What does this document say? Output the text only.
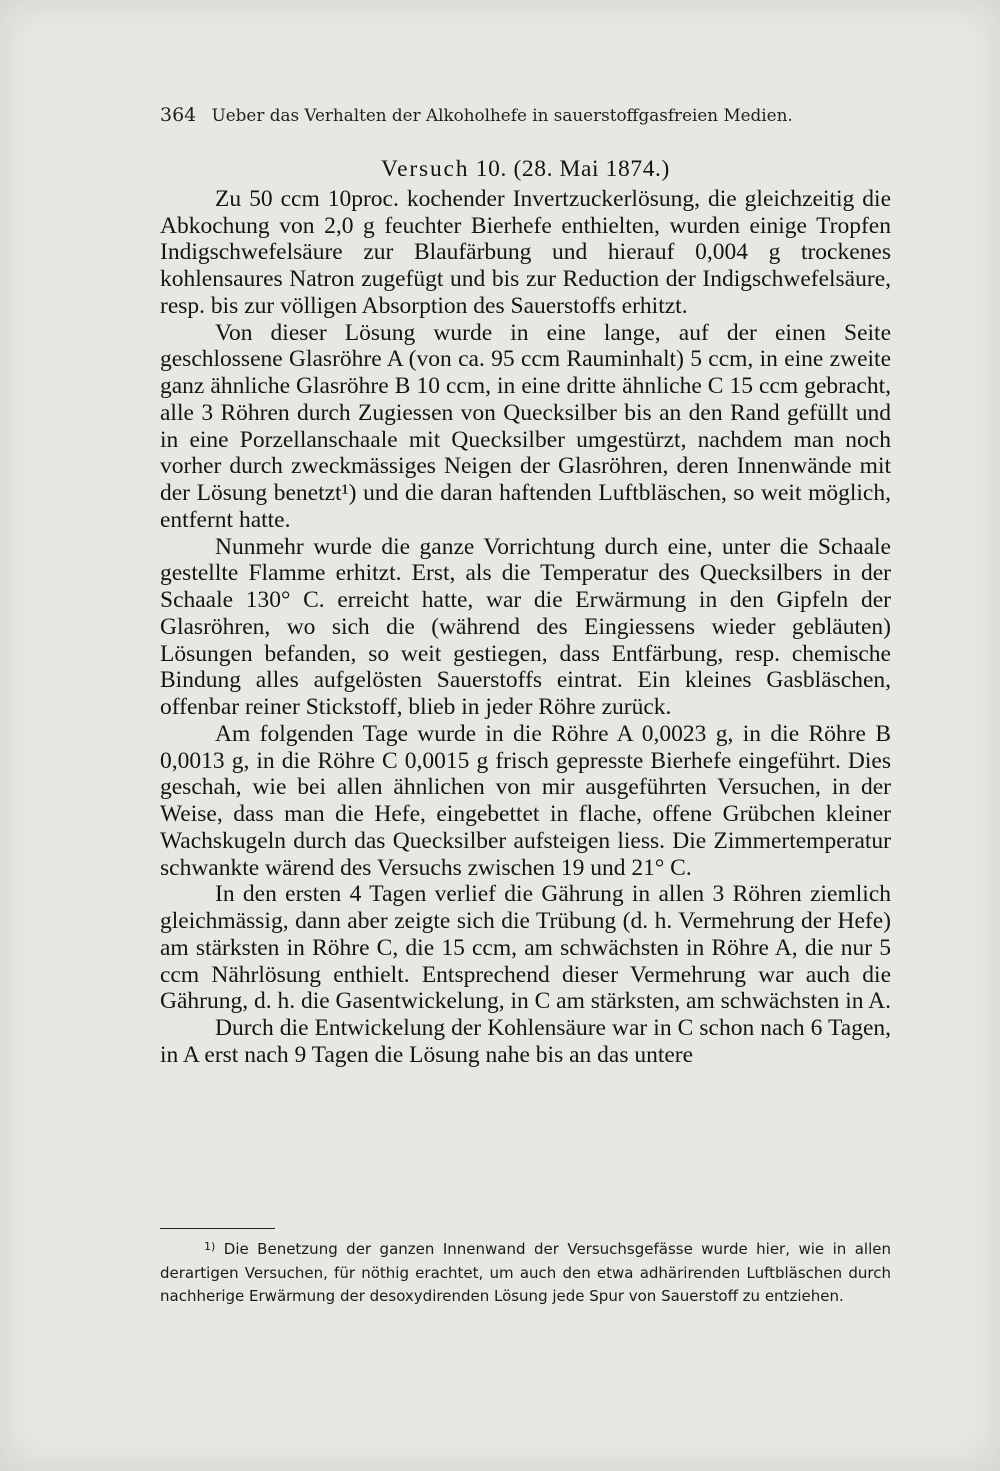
364 Ueber das Verhalten der Alkoholhefe in sauerstoffgasfreien Medien.
Versuch 10. (28. Mai 1874.)

Zu 50 ccm 10proc. kochender Invertzuckerlösung, die gleichzeitig die Abkochung von 2,0 g feuchter Bierhefe enthielten, wurden einige Tropfen Indigschwefelsäure zur Blaufärbung und hierauf 0,004 g trockenes kohlensaures Natron zugefügt und bis zur Reduction der Indigschwefelsäure, resp. bis zur völligen Absorption des Sauerstoffs erhitzt.

Von dieser Lösung wurde in eine lange, auf der einen Seite geschlossene Glasröhre A (von ca. 95 ccm Rauminhalt) 5 ccm, in eine zweite ganz ähnliche Glasröhre B 10 ccm, in eine dritte ähnliche C 15 ccm gebracht, alle 3 Röhren durch Zugiessen von Quecksilber bis an den Rand gefüllt und in eine Porzellanschaale mit Quecksilber umgestürzt, nachdem man noch vorher durch zweckmässiges Neigen der Glasröhren, deren Innenwände mit der Lösung benetzt¹) und die daran haftenden Luftbläschen, so weit möglich, entfernt hatte.

Nunmehr wurde die ganze Vorrichtung durch eine, unter die Schaale gestellte Flamme erhitzt. Erst, als die Temperatur des Quecksilbers in der Schaale 130° C. erreicht hatte, war die Erwärmung in den Gipfeln der Glasröhren, wo sich die (während des Eingiessens wieder gebläuten) Lösungen befanden, so weit gestiegen, dass Entfärbung, resp. chemische Bindung alles aufgelösten Sauerstoffs eintrat. Ein kleines Gasbläschen, offenbar reiner Stickstoff, blieb in jeder Röhre zurück.

Am folgenden Tage wurde in die Röhre A 0,0023 g, in die Röhre B 0,0013 g, in die Röhre C 0,0015 g frisch gepresste Bierhefe eingeführt. Dies geschah, wie bei allen ähnlichen von mir ausgeführten Versuchen, in der Weise, dass man die Hefe, eingebettet in flache, offene Grübchen kleiner Wachskugeln durch das Quecksilber aufsteigen liess. Die Zimmertemperatur schwankte wärend des Versuchs zwischen 19 und 21° C.

In den ersten 4 Tagen verlief die Gährung in allen 3 Röhren ziemlich gleichmässig, dann aber zeigte sich die Trübung (d. h. Vermehrung der Hefe) am stärksten in Röhre C, die 15 ccm, am schwächsten in Röhre A, die nur 5 ccm Nährlösung enthielt. Entsprechend dieser Vermehrung war auch die Gährung, d. h. die Gasentwickelung, in C am stärksten, am schwächsten in A.

Durch die Entwickelung der Kohlensäure war in C schon nach 6 Tagen, in A erst nach 9 Tagen die Lösung nahe bis an das untere

$^{1)}$ Die Benetzung der ganzen Innenwand der Versuchsgefässe wurde hier, wie in allen derartigen Versuchen, für nöthig erachtet, um auch den etwa adhärirenden Luftbläschen durch nachherige Erwärmung der desoxydirenden Lösung jede Spur von Sauerstoff zu entziehen.
